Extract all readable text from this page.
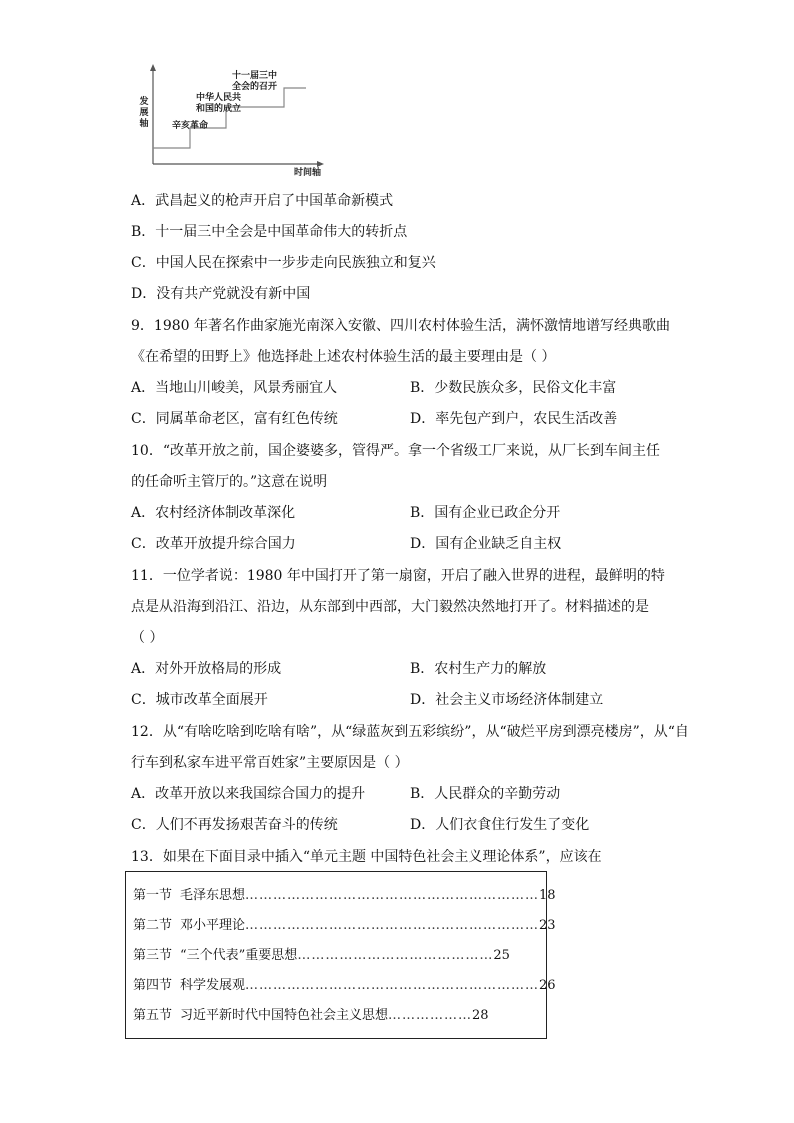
发展轴
时间轴
辛亥革命
中华人民共
和国的成立
十一届三中
全会的召开
A．武昌起义的枪声开启了中国革命新模式
B．十一届三中全会是中国革命伟大的转折点
C．中国人民在探索中一步步走向民族独立和复兴
D．没有共产党就没有新中国
9．1980 年著名作曲家施光南深入安徽、四川农村体验生活，满怀激情地谱写经典歌曲
《在希望的田野上》他选择赴上述农村体验生活的最主要理由是（ ）
A．当地山川峻美，风景秀丽宜人	B．少数民族众多，民俗文化丰富
C．同属革命老区，富有红色传统	D．率先包产到户，农民生活改善
10．“改革开放之前，国企婆婆多，管得严。拿一个省级工厂来说，从厂长到车间主任
的任命听主管厅的。”这意在说明
A．农村经济体制改革深化	B．国有企业已政企分开
C．改革开放提升综合国力	D．国有企业缺乏自主权
11．一位学者说：1980 年中国打开了第一扇窗，开启了融入世界的进程，最鲜明的特
点是从沿海到沿江、沿边，从东部到中西部，大门毅然决然地打开了。材料描述的是
（ ）
A．对外开放格局的形成	B．农村生产力的解放
C．城市改革全面展开	D．社会主义市场经济体制建立
12．从“有啥吃啥到吃啥有啥”，从“绿蓝灰到五彩缤纷”，从“破烂平房到漂亮楼房”，从“自
行车到私家车进平常百姓家”主要原因是（ ）
A．改革开放以来我国综合国力的提升	B．人民群众的辛勤劳动
C．人们不再发扬艰苦奋斗的传统	D．人们衣食住行发生了变化
13．如果在下面目录中插入“单元主题 中国特色社会主义理论体系”，应该在
第一节 毛泽东思想 ……………………………………………………… 18
第二节 邓小平理论 ……………………………………………………… 23
第三节 “三个代表”重要思想 …………………………………… 25
第四节 科学发展观 ……………………………………………………… 26
第五节 习近平新时代中国特色社会主义思想 ……………… 28
